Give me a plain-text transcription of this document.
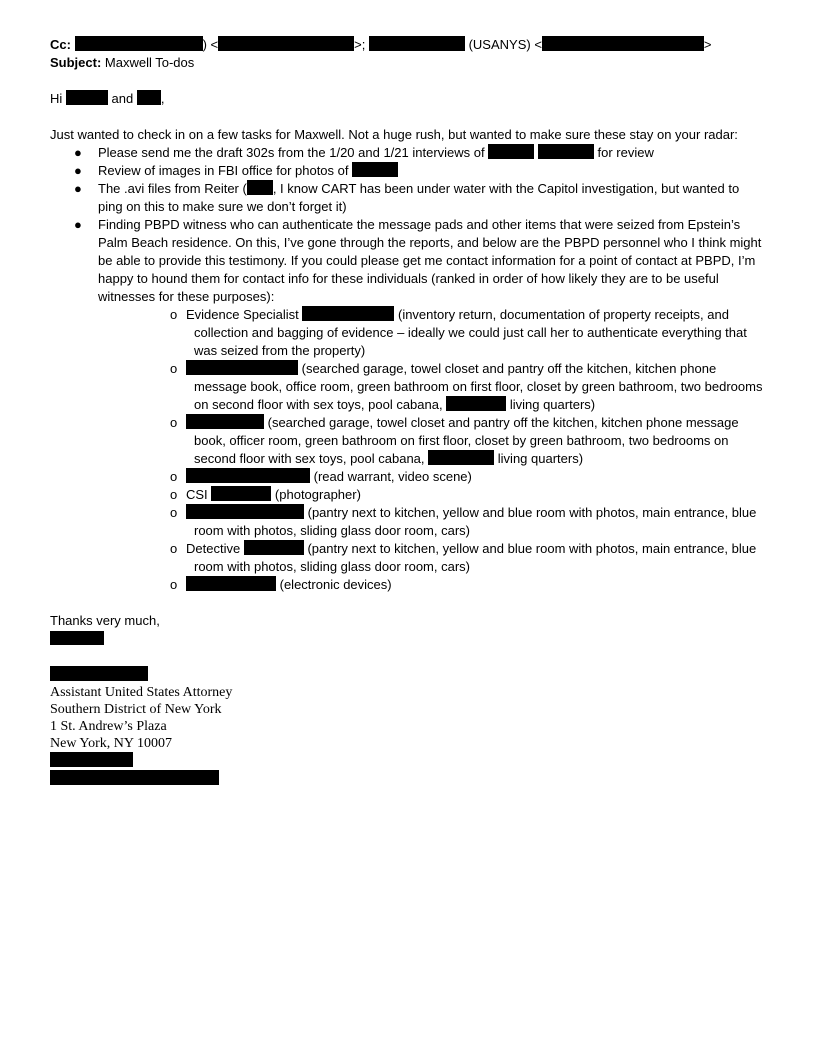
Cc:	) <	>;	(USANYS) <	>

Subject: Maxwell To-dos

Hi	and ,

Just wanted to check in on a few tasks for Maxwell. Not a huge rush, but wanted to make sure these stay on your radar:

● Please send me the draft 302s from the 1/20 and 1/21 interviews of	for review
● Review of images in FBI office for photos of
● The .avi files from Reiter ( , I know CART has been under water with the Capitol investigation, but wanted to ping on this to make sure we don’t forget it)
● Finding PBPD witness who can authenticate the message pads and other items that were seized from Epstein’s Palm Beach residence. On this, I’ve gone through the reports, and below are the PBPD personnel who I think might be able to provide this testimony. If you could please get me contact information for a point of contact at PBPD, I’m happy to hound them for contact info for these individuals (ranked in order of how likely they are to be useful witnesses for these purposes):
o Evidence Specialist	(inventory return, documentation of property receipts, and collection and bagging of evidence – ideally we could just call her to authenticate everything that was seized from the property)
o	(searched garage, towel closet and pantry off the kitchen, kitchen phone message book, office room, green bathroom on first floor, closet by green bathroom, two bedrooms on second floor with sex toys, pool cabana,	living quarters)
o	(searched garage, towel closet and pantry off the kitchen, kitchen phone message book, officer room, green bathroom on first floor, closet by green bathroom, two bedrooms on second floor with sex toys, pool cabana,	living quarters)
o	(read warrant, video scene)
o CSI	(photographer)
o	(pantry next to kitchen, yellow and blue room with photos, main entrance, blue room with photos, sliding glass door room, cars)
o Detective	(pantry next to kitchen, yellow and blue room with photos, main entrance, blue room with photos, sliding glass door room, cars)
o	(electronic devices)

Thanks very much,

Assistant United States Attorney
Southern District of New York
1 St. Andrew’s Plaza
New York, NY 10007
